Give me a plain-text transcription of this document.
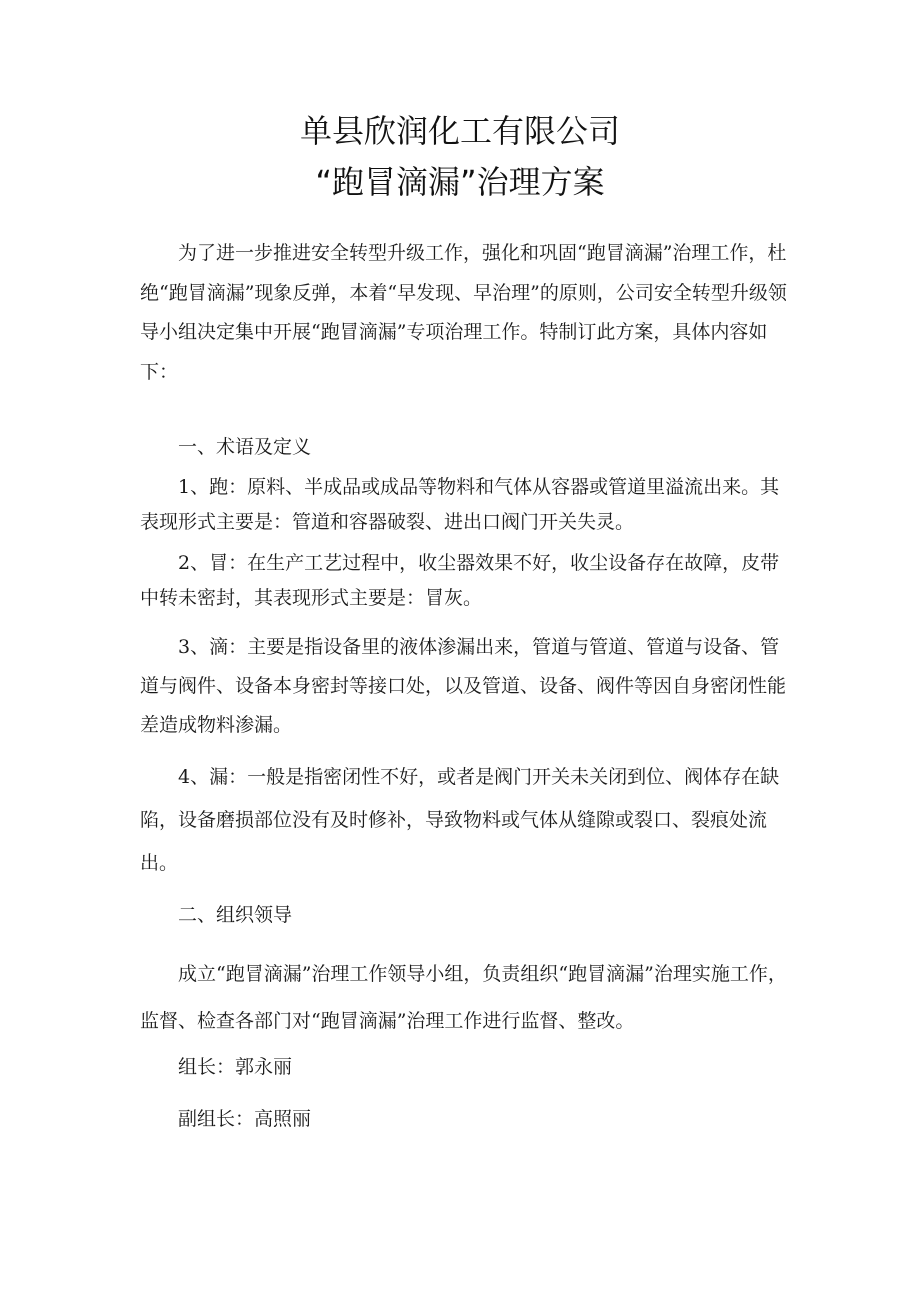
单县欣润化工有限公司
“跑冒滴漏”治理方案

为了进一步推进安全转型升级工作，强化和巩固“跑冒滴漏”治理工作，杜绝“跑冒滴漏”现象反弹，本着“早发现、早治理”的原则，公司安全转型升级领导小组决定集中开展“跑冒滴漏”专项治理工作。特制订此方案，具体内容如下：

一、术语及定义

1、跑：原料、半成品或成品等物料和气体从容器或管道里溢流出来。其表现形式主要是：管道和容器破裂、进出口阀门开关失灵。

2、冒：在生产工艺过程中，收尘器效果不好，收尘设备存在故障，皮带中转未密封，其表现形式主要是：冒灰。

3、滴：主要是指设备里的液体渗漏出来，管道与管道、管道与设备、管道与阀件、设备本身密封等接口处，以及管道、设备、阀件等因自身密闭性能差造成物料渗漏。

4、漏：一般是指密闭性不好，或者是阀门开关未关闭到位、阀体存在缺陷，设备磨损部位没有及时修补，导致物料或气体从缝隙或裂口、裂痕处流出。

二、组织领导

成立“跑冒滴漏”治理工作领导小组，负责组织“跑冒滴漏”治理实施工作，监督、检查各部门对“跑冒滴漏”治理工作进行监督、整改。

组长：郭永丽

副组长：高照丽
